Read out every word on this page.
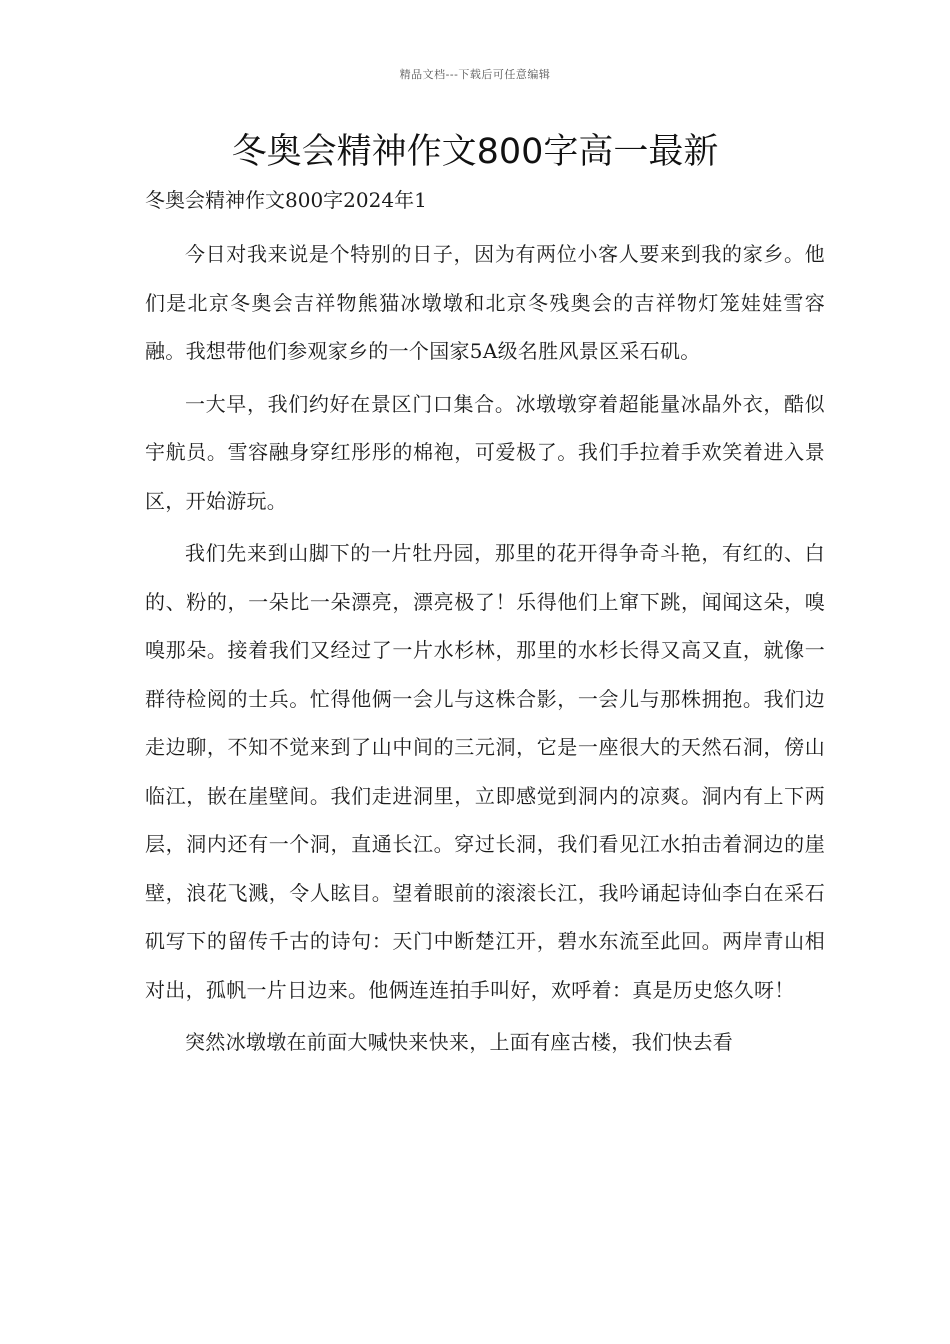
精品文档---下载后可任意编辑
冬奥会精神作文800字高一最新
冬奥会精神作文800字2024年1

今日对我来说是个特别的日子，因为有两位小客人要来到我的家乡。他们是北京冬奥会吉祥物熊猫冰墩墩和北京冬残奥会的吉祥物灯笼娃娃雪容融。我想带他们参观家乡的一个国家5A级名胜风景区采石矶。

一大早，我们约好在景区门口集合。冰墩墩穿着超能量冰晶外衣，酷似宇航员。雪容融身穿红彤彤的棉袍，可爱极了。我们手拉着手欢笑着进入景区，开始游玩。

我们先来到山脚下的一片牡丹园，那里的花开得争奇斗艳，有红的、白的、粉的，一朵比一朵漂亮，漂亮极了！乐得他们上窜下跳，闻闻这朵，嗅嗅那朵。接着我们又经过了一片水杉林，那里的水杉长得又高又直，就像一群待检阅的士兵。忙得他俩一会儿与这株合影，一会儿与那株拥抱。我们边走边聊，不知不觉来到了山中间的三元洞，它是一座很大的天然石洞，傍山临江，嵌在崖壁间。我们走进洞里，立即感觉到洞内的凉爽。洞内有上下两层，洞内还有一个洞，直通长江。穿过长洞，我们看见江水拍击着洞边的崖壁，浪花飞溅，令人眩目。望着眼前的滚滚长江，我吟诵起诗仙李白在采石矶写下的留传千古的诗句：天门中断楚江开，碧水东流至此回。两岸青山相对出，孤帆一片日边来。他俩连连拍手叫好，欢呼着：真是历史悠久呀！

突然冰墩墩在前面大喊快来快来，上面有座古楼，我们快去看
